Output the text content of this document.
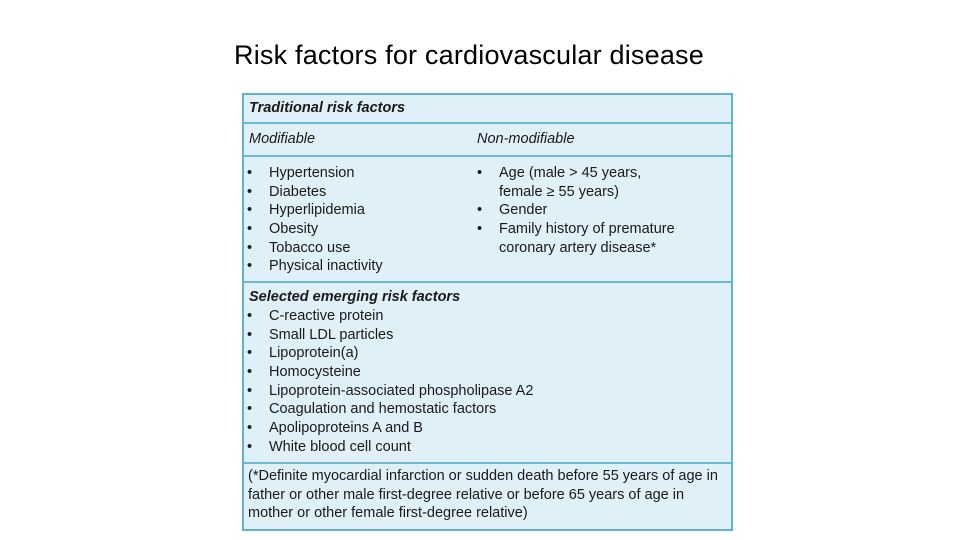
Risk factors for cardiovascular disease
Traditional risk factors
Modifiable	Non-modifiable
• Hypertension
• Diabetes
• Hyperlipidemia
• Obesity
• Tobacco use
• Physical inactivity
• Age (male > 45 years,
female ≥ 55 years)
• Gender
• Family history of premature
coronary artery disease*
Selected emerging risk factors
• C-reactive protein
• Small LDL particles
• Lipoprotein(a)
• Homocysteine
• Lipoprotein-associated phospholipase A2
• Coagulation and hemostatic factors
• Apolipoproteins A and B
• White blood cell count
(*Definite myocardial infarction or sudden death before 55 years of age in father or other male first-degree relative or before 65 years of age in mother or other female first-degree relative)
